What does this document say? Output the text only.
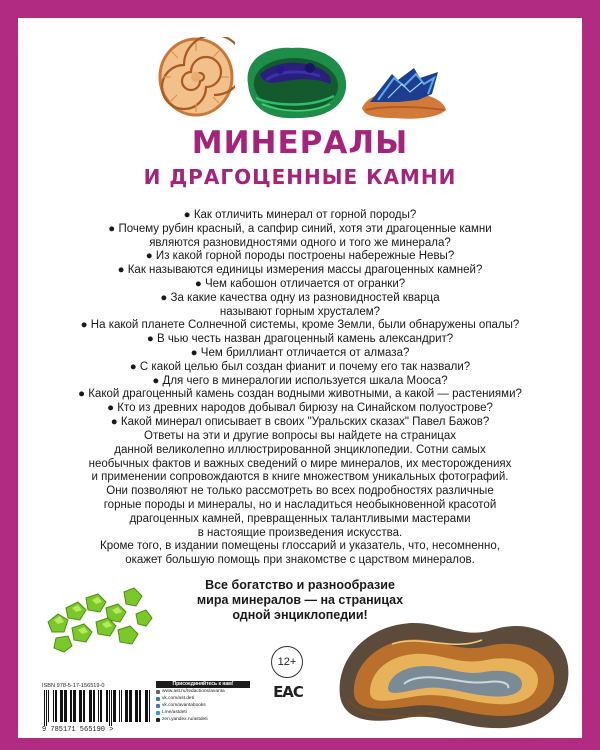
МИНЕРАЛЫ
И ДРАГОЦЕННЫЕ КАМНИ
● Как отличить минерал от горной породы?
● Почему рубин красный, а сапфир синий, хотя эти драгоценные камни
являются разновидностями одного и того же минерала?
● Из какой горной породы построены набережные Невы?
● Как называются единицы измерения массы драгоценных камней?
● Чем кабошон отличается от огранки?
● За какие качества одну из разновидностей кварца
называют горным хрусталем?
● На какой планете Солнечной системы, кроме Земли, были обнаружены опалы?
● В чью честь назван драгоценный камень александрит?
● Чем бриллиант отличается от алмаза?
● С какой целью был создан фианит и почему его так назвали?
● Для чего в минералогии используется шкала Мооса?
● Какой драгоценный камень создан водными животными, а какой — растениями?
● Кто из древних народов добывал бирюзу на Синайском полуострове?
● Какой минерал описывает в своих "Уральских сказах" Павел Бажов?

Ответы на эти и другие вопросы вы найдете на страницах

данной великолепно иллюстрированной энциклопедии. Сотни самых

необычных фактов и важных сведений о мире минералов, их месторождениях

и применении сопровождаются в книге множеством уникальных фотографий.

Они позволяют не только рассмотреть во всех подробностях различные

горные породы и минералы, но и насладиться необыкновенной красотой

драгоценных камней, превращенных талантливыми мастерами

в настоящие произведения искусства.

Кроме того, в издании помещены глоссарий и указатель, что, несомненно,

окажет большую помощь при знакомстве с царством минералов.

Все богатство и разнообразие
мира минералов — на страницах
одной энциклопедии!
12+
ЕАС
ISBN 978-5-17-156519-0
9 785171 565190 >
Присоединяйтесь к нам!
www.ast.ru/redactions/avanta
vk.com/ast.deti
vk.com/avantabooks
t.me/astdeti
zen.yandex.ru/astdeti
